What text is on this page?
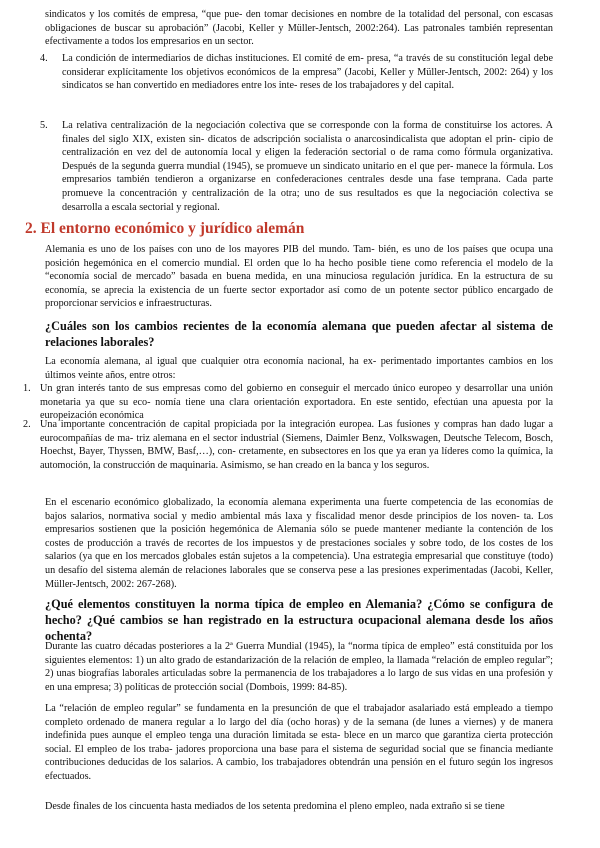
sindicatos y los comités de empresa, “que pue- den tomar decisiones en nombre de la totalidad del personal, con escasas obligaciones de buscar su aprobación” (Jacobi, Keller y Müller-Jentsch, 2002:264). Las patronales también representan efectivamente a todos los empresarios en un sector.

4. La condición de intermediarios de dichas instituciones. El comité de em- presa, “a través de su constitución legal debe considerar explícitamente los objetivos económicos de la empresa” (Jacobi, Keller y Müller-Jentsch, 2002: 264) y los sindicatos se han convertido en mediadores entre los inte- reses de los trabajadores y del capital.

5. La relativa centralización de la negociación colectiva que se corresponde con la forma de constituirse los actores. A finales del siglo XIX, existen sin- dicatos de adscripción socialista o anarcosindicalista que adoptan el prin- cipio de centralización en vez del de autonomía local y eligen la federación sectorial o de rama como fórmula organizativa. Después de la segunda guerra mundial (1945), se promueve un sindicato unitario en el que per- manece la fórmula. Los empresarios también tendieron a organizarse en confederaciones centrales desde una fase temprana. Cada parte promueve la concentración y centralización de la otra; uno de sus resultados es que la negociación colectiva se desarrolla a escala sectorial y regional.

2. El entorno económico y jurídico alemán

Alemania es uno de los países con uno de los mayores PIB del mundo. Tam- bién, es uno de los países que ocupa una posición hegemónica en el comercio mundial. El orden que lo ha hecho posible tiene como referencia el modelo de la “economía social de mercado” basada en buena medida, en una minuciosa regulación jurídica. En la estructura de su economía, se aprecia la existencia de un fuerte sector exportador así como de un potente sector público encargado de proporcionar servicios e infraestructuras.

¿Cuáles son los cambios recientes de la economía alemana que pueden afectar al sistema de relaciones laborales?

La economía alemana, al igual que cualquier otra economía nacional, ha ex- perimentado importantes cambios en los últimos veinte años, entre otros:

1. Un gran interés tanto de sus empresas como del gobierno en conseguir el mercado único europeo y desarrollar una unión monetaria ya que su eco- nomía tiene una clara orientación exportadora. En este sentido, efectúan una apuesta por la europeización económica

2. Una importante concentración de capital propiciada por la integración europea. Las fusiones y compras han dado lugar a eurocompañías de ma- triz alemana en el sector industrial (Siemens, Daimler Benz, Volkswagen, Deutsche Telecom, Bosch, Hoechst, Bayer, Thyssen, BMW, Basf,…), con- cretamente, en subsectores en los que ya eran ya líderes como la química, la automoción, la construcción de maquinaria. Asimismo, se han creado en la banca y los seguros.

En el escenario económico globalizado, la economía alemana experimenta una fuerte competencia de las economías de bajos salarios, normativa social y medio ambiental más laxa y fiscalidad menor desde principios de los noven- ta. Los empresarios sostienen que la posición hegemónica de Alemania sólo se puede mantener mediante la contención de los costes de producción a través de recortes de los impuestos y de prestaciones sociales y sobre todo, de los costes de los salarios (ya que en los mercados globales están sujetos a la competencia). Una estrategia empresarial que constituye (todo) un desafío del sistema alemán de relaciones laborales que se conserva pese a las presiones experimentadas (Jacobi, Keller, Müller-Jentsch, 2002: 267-268).

¿Qué elementos constituyen la norma típica de empleo en Alemania? ¿Cómo se configura de hecho? ¿Qué cambios se han registrado en la estructura ocupacional alemana desde los años ochenta?

Durante las cuatro décadas posteriores a la 2ª Guerra Mundial (1945), la “norma típica de empleo” está constituida por los siguientes elementos: 1) un alto grado de estandarización de la relación de empleo, la llamada “relación de empleo regular”; 2) unas biografías laborales articuladas sobre la permanencia de los trabajadores a lo largo de sus vidas en una profesión y en una empresa; 3) políticas de protección social (Dombois, 1999: 84-85).

La “relación de empleo regular” se fundamenta en la presunción de que el trabajador asalariado está empleado a tiempo completo ordenado de manera regular a lo largo del día (ocho horas) y de la semana (de lunes a viernes) y de manera indefinida pues aunque el empleo tenga una duración limitada se esta- blece en un marco que garantiza cierta protección social. El empleo de los traba- jadores proporciona una base para el sistema de seguridad social que se financia mediante contribuciones deducidas de los salarios. A cambio, los trabajadores obtendrán una pensión en el futuro según los ingresos efectuados.

Desde finales de los cincuenta hasta mediados de los setenta predomina el pleno empleo, nada extraño si se tiene
